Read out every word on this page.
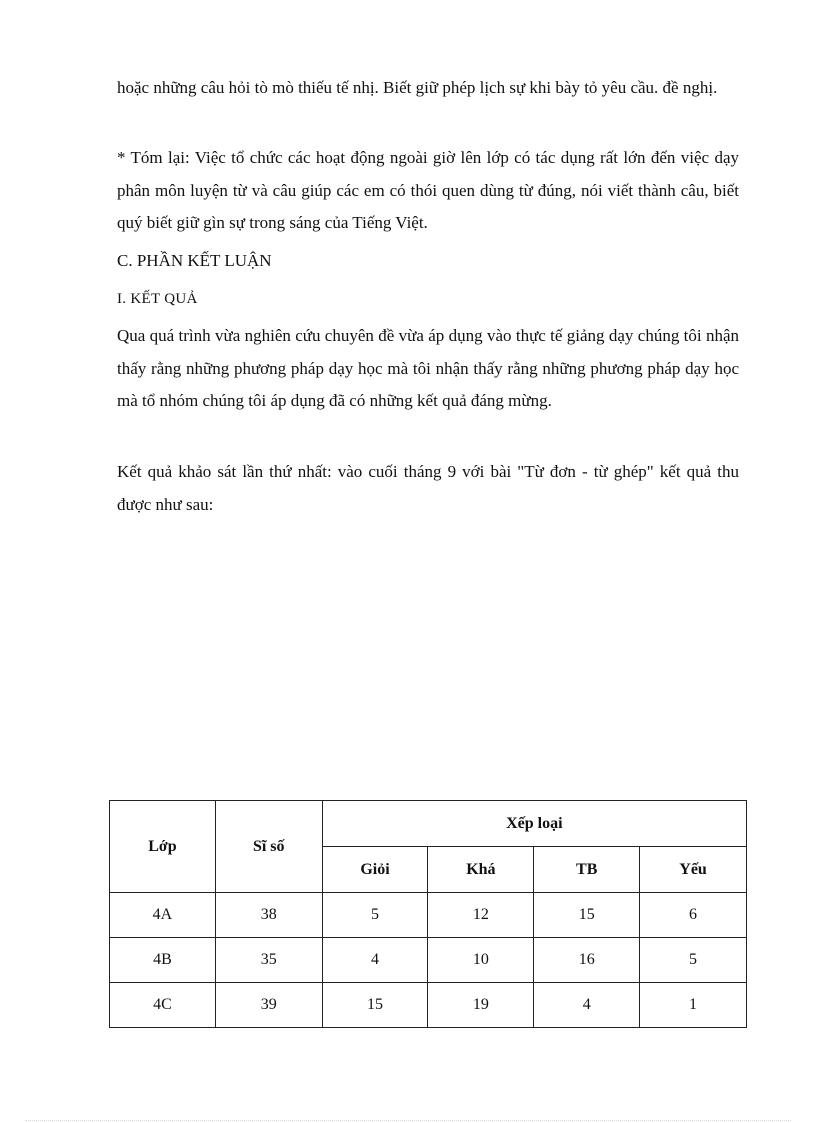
hoặc những câu hỏi tò mò thiếu tế nhị. Biết giữ phép lịch sự khi bày tỏ yêu cầu. đề nghị.

* Tóm lại: Việc tổ chức các hoạt động ngoài giờ lên lớp có tác dụng rất lớn đến việc dạy phân môn luyện từ và câu giúp các em có thói quen dùng từ đúng, nói viết thành câu, biết quý biết giữ gìn sự trong sáng của Tiếng Việt.

C. PHẦN KẾT LUẬN

I. KẾT QUẢ

Qua quá trình vừa nghiên cứu chuyên đề vừa áp dụng vào thực tế giảng dạy chúng tôi nhận thấy rằng những phương pháp dạy học mà tôi nhận thấy rằng những phương pháp dạy học mà tổ nhóm chúng tôi áp dụng đã có những kết quả đáng mừng.

Kết quả khảo sát lần thứ nhất: vào cuối tháng 9 với bài "Từ đơn - từ ghép" kết quả thu được như sau:

Lớp	Sĩ số	Xếp loại			
		Giỏi	Khá	TB	Yếu
4A	38	5	12	15	6
4B	35	4	10	16	5
4C	39	15	19	4	1
